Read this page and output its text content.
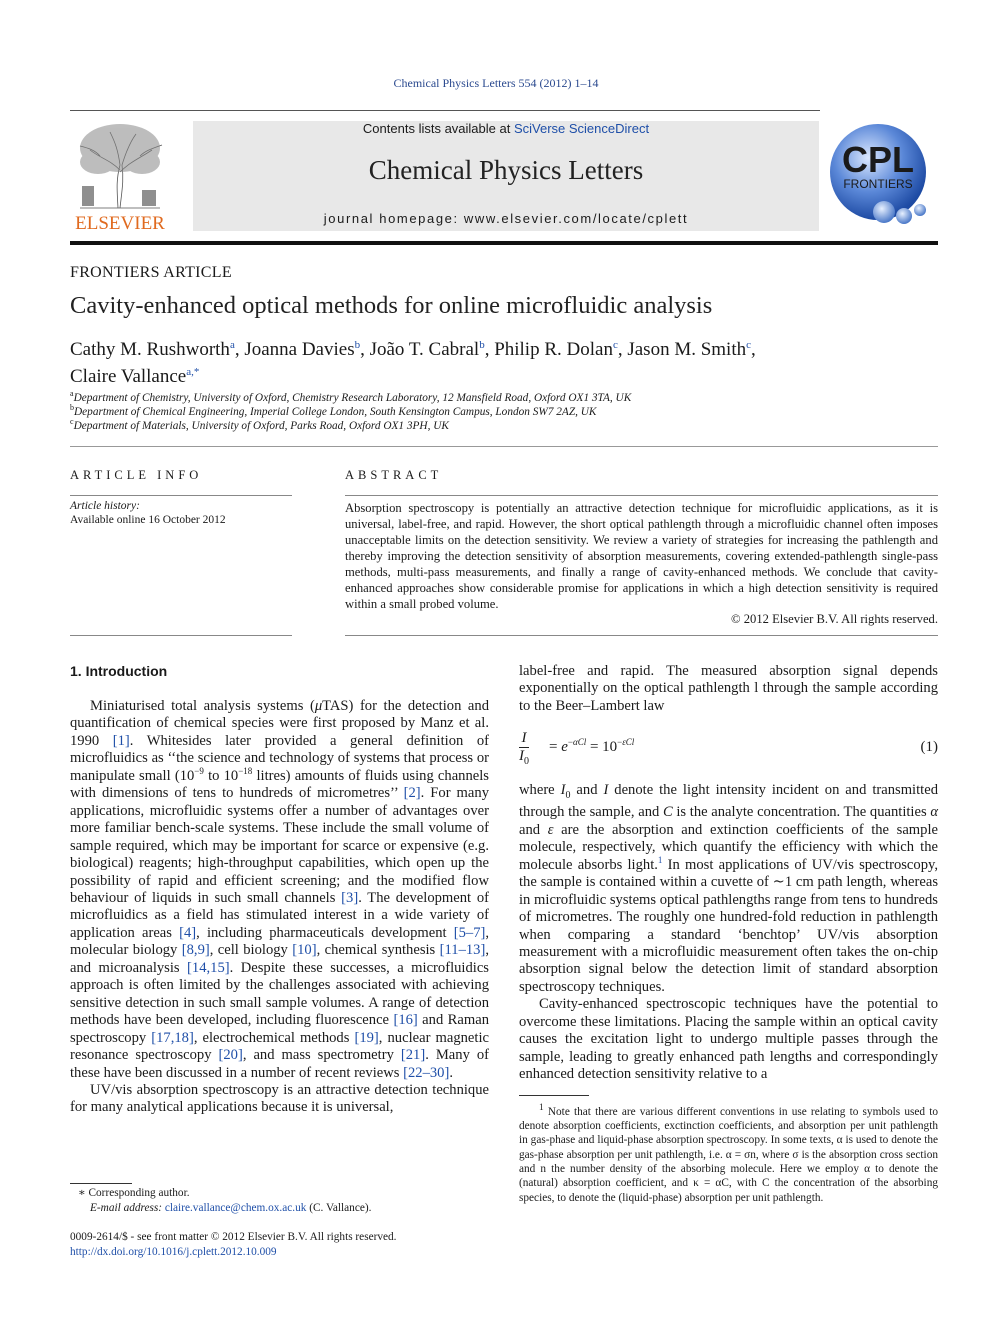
Chemical Physics Letters 554 (2012) 1–14
ELSEVIER
Contents lists available at SciVerse ScienceDirect
Chemical Physics Letters
journal homepage: www.elsevier.com/locate/cplett
CPL
FRONTIERS
FRONTIERS ARTICLE
Cavity-enhanced optical methods for online microfluidic analysis
Cathy M. Rushworth$^a$, Joanna Davies$^b$, João T. Cabral$^b$, Philip R. Dolan$^c$, Jason M. Smith$^c$,
Claire Vallance$^{a,*}$
$^a$Department of Chemistry, University of Oxford, Chemistry Research Laboratory, 12 Mansfield Road, Oxford OX1 3TA, UK
$^b$Department of Chemical Engineering, Imperial College London, South Kensington Campus, London SW7 2AZ, UK
$^c$Department of Materials, University of Oxford, Parks Road, Oxford OX1 3PH, UK
ARTICLE INFO	ABSTRACT
Article history:
Available online 16 October 2012
Absorption spectroscopy is potentially an attractive detection technique for microfluidic applications, as it is universal, label-free, and rapid. However, the short optical pathlength through a microfluidic channel often imposes unacceptable limits on the detection sensitivity. We review a variety of strategies for increasing the pathlength and thereby improving the detection sensitivity of absorption measurements, covering extended-pathlength single-pass methods, multi-pass measurements, and finally a range of cavity-enhanced methods. We conclude that cavity-enhanced approaches show considerable promise for applications in which a high detection sensitivity is required within a small probed volume.
© 2012 Elsevier B.V. All rights reserved.
1. Introduction

Miniaturised total analysis systems (μTAS) for the detection and quantification of chemical species were first proposed by Manz et al. 1990 [1]. Whitesides later provided a general definition of microfluidics as ‘‘the science and technology of systems that process or manipulate small ($10^{-9}$ to $10^{-18}$ litres) amounts of fluids using channels with dimensions of tens to hundreds of micrometres’’ [2]. For many applications, microfluidic systems offer a number of advantages over more familiar bench-scale systems. These include the small volume of sample required, which may be important for scarce or expensive (e.g. biological) reagents; high-throughput capabilities, which open up the possibility of rapid and efficient screening; and the modified flow behaviour of liquids in such small channels [3]. The development of microfluidics as a field has stimulated interest in a wide variety of application areas [4], including pharmaceuticals development [5–7], molecular biology [8,9], cell biology [10], chemical synthesis [11–13], and microanalysis [14,15]. Despite these successes, a microfluidics approach is often limited by the challenges associated with achieving sensitive detection in such small sample volumes. A range of detection methods have been developed, including fluorescence [16] and Raman spectroscopy [17,18], electrochemical methods [19], nuclear magnetic resonance spectroscopy [20], and mass spectrometry [21]. Many of these have been discussed in a number of recent reviews [22–30].

UV/vis absorption spectroscopy is an attractive detection technique for many analytical applications because it is universal,

label-free and rapid. The measured absorption signal depends exponentially on the optical pathlength l through the sample according to the Beer–Lambert law
I
$I_0$
= $e^{-\alpha Cl} = 10^{-\varepsilon Cl}$	(1)

where $I_0$ and I denote the light intensity incident on and transmitted through the sample, and C is the analyte concentration. The quantities α and ε are the absorption and extinction coefficients of the sample molecule, respectively, which quantify the efficiency with which the molecule absorbs light.$^1$ In most applications of UV/vis spectroscopy, the sample is contained within a cuvette of ∼1 cm path length, whereas in microfluidic systems optical pathlengths range from tens to hundreds of micrometres. The roughly one hundred-fold reduction in pathlength when comparing a standard ‘benchtop’ UV/vis absorption measurement with a microfluidic measurement often takes the on-chip absorption signal below the detection limit of standard absorption spectroscopy techniques.

Cavity-enhanced spectroscopic techniques have the potential to overcome these limitations. Placing the sample within an optical cavity causes the excitation light to undergo multiple passes through the sample, leading to greatly enhanced path lengths and correspondingly enhanced detection sensitivity relative to a

$^1$ Note that there are various different conventions in use relating to symbols used to denote absorption coefficients, exctinction coefficients, and absorption per unit pathlength in gas-phase and liquid-phase absorption spectroscopy. In some texts, α is used to denote the gas-phase absorption per unit pathlength, i.e. α = σn, where σ is the absorption cross section and n the number density of the absorbing molecule. Here we employ α to denote the (natural) absorption coefficient, and κ = αC, with C the concentration of the absorbing species, to denote the (liquid-phase) absorption per unit pathlength.
∗ Corresponding author.
E-mail address: claire.vallance@chem.ox.ac.uk (C. Vallance).
0009-2614/$ - see front matter © 2012 Elsevier B.V. All rights reserved.
http://dx.doi.org/10.1016/j.cplett.2012.10.009
